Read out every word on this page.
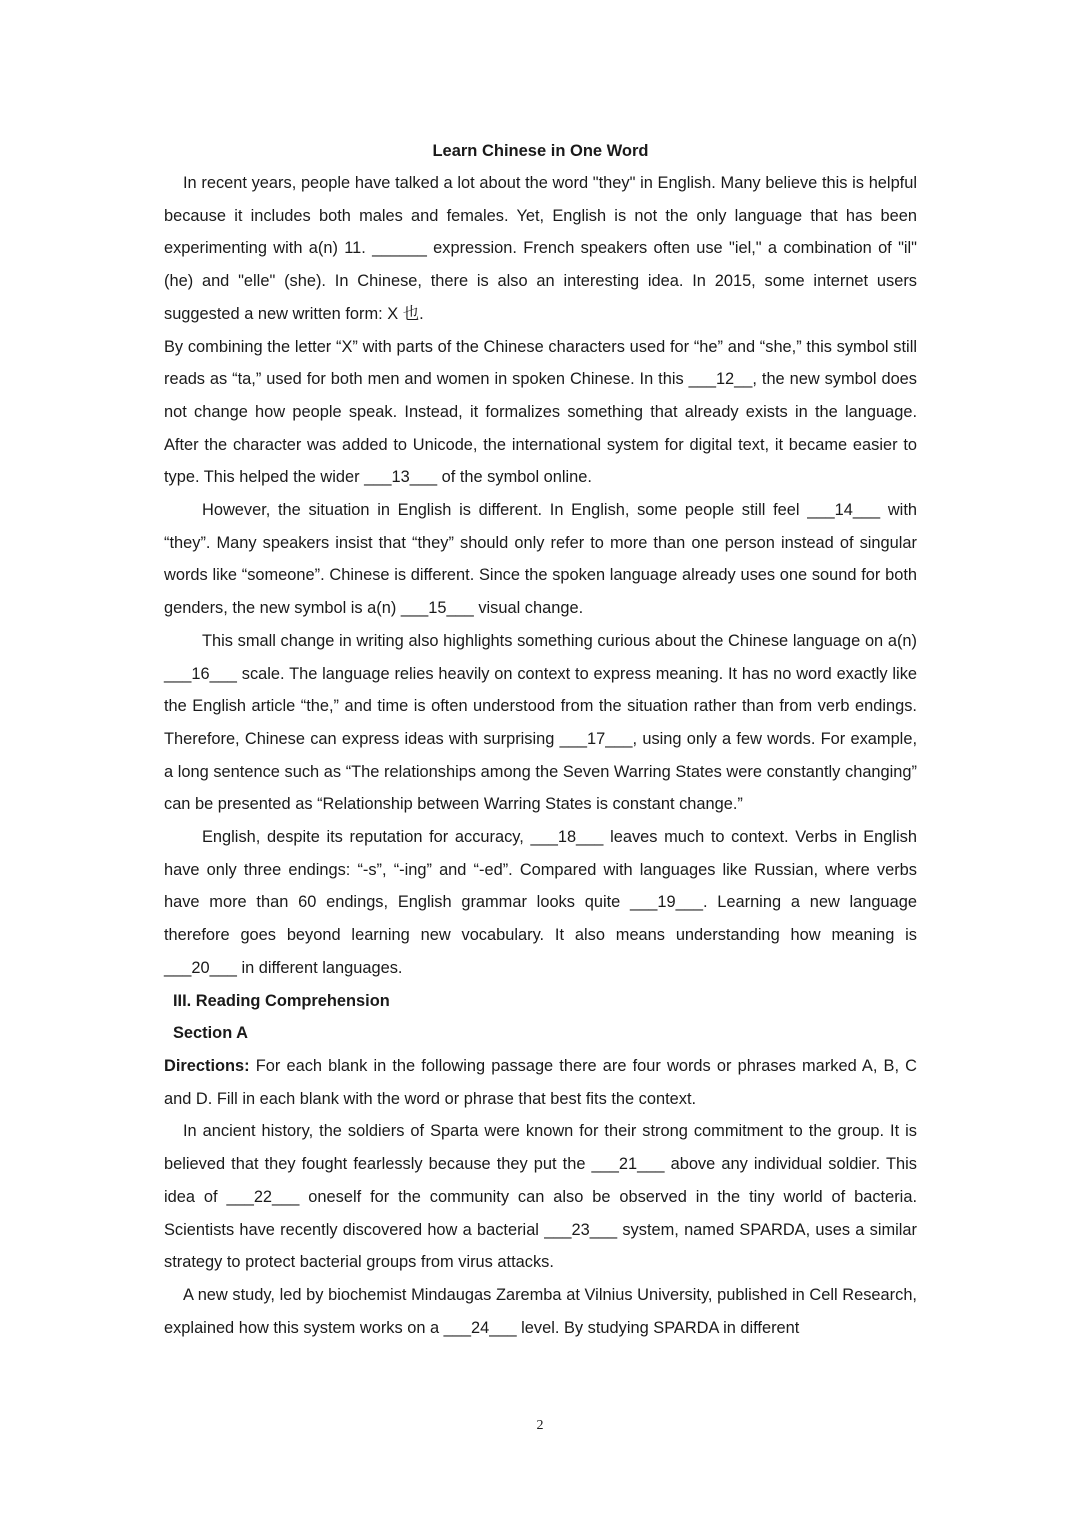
Learn Chinese in One Word

In recent years, people have talked a lot about the word "they" in English. Many believe this is helpful because it includes both males and females. Yet, English is not the only language that has been experimenting with a(n) 11. ______ expression. French speakers often use "iel," a combination of "il" (he) and "elle" (she). In Chinese, there is also an interesting idea. In 2015, some internet users suggested a new written form: X 也.

By combining the letter “X” with parts of the Chinese characters used for “he” and “she,” this symbol still reads as “ta,” used for both men and women in spoken Chinese. In this ___12__, the new symbol does not change how people speak. Instead, it formalizes something that already exists in the language. After the character was added to Unicode, the international system for digital text, it became easier to type. This helped the wider ___13___ of the symbol online.

However, the situation in English is different. In English, some people still feel ___14___ with “they”. Many speakers insist that “they” should only refer to more than one person instead of singular words like “someone”. Chinese is different. Since the spoken language already uses one sound for both genders, the new symbol is a(n) ___15___ visual change.

This small change in writing also highlights something curious about the Chinese language on a(n) ___16___ scale. The language relies heavily on context to express meaning. It has no word exactly like the English article “the,” and time is often understood from the situation rather than from verb endings. Therefore, Chinese can express ideas with surprising ___17___, using only a few words. For example, a long sentence such as “The relationships among the Seven Warring States were constantly changing” can be presented as “Relationship between Warring States is constant change.”

English, despite its reputation for accuracy, ___18___ leaves much to context. Verbs in English have only three endings: “-s”, “-ing” and “-ed”. Compared with languages like Russian, where verbs have more than 60 endings, English grammar looks quite ___19___. Learning a new language therefore goes beyond learning new vocabulary. It also means understanding how meaning is ___20___ in different languages.

III. Reading Comprehension

Section A

Directions: For each blank in the following passage there are four words or phrases marked A, B, C and D. Fill in each blank with the word or phrase that best fits the context.

In ancient history, the soldiers of Sparta were known for their strong commitment to the group. It is believed that they fought fearlessly because they put the ___21___ above any individual soldier. This idea of ___22___ oneself for the community can also be observed in the tiny world of bacteria. Scientists have recently discovered how a bacterial ___23___ system, named SPARDA, uses a similar strategy to protect bacterial groups from virus attacks.

A new study, led by biochemist Mindaugas Zaremba at Vilnius University, published in Cell Research, explained how this system works on a ___24___ level. By studying SPARDA in different

2
